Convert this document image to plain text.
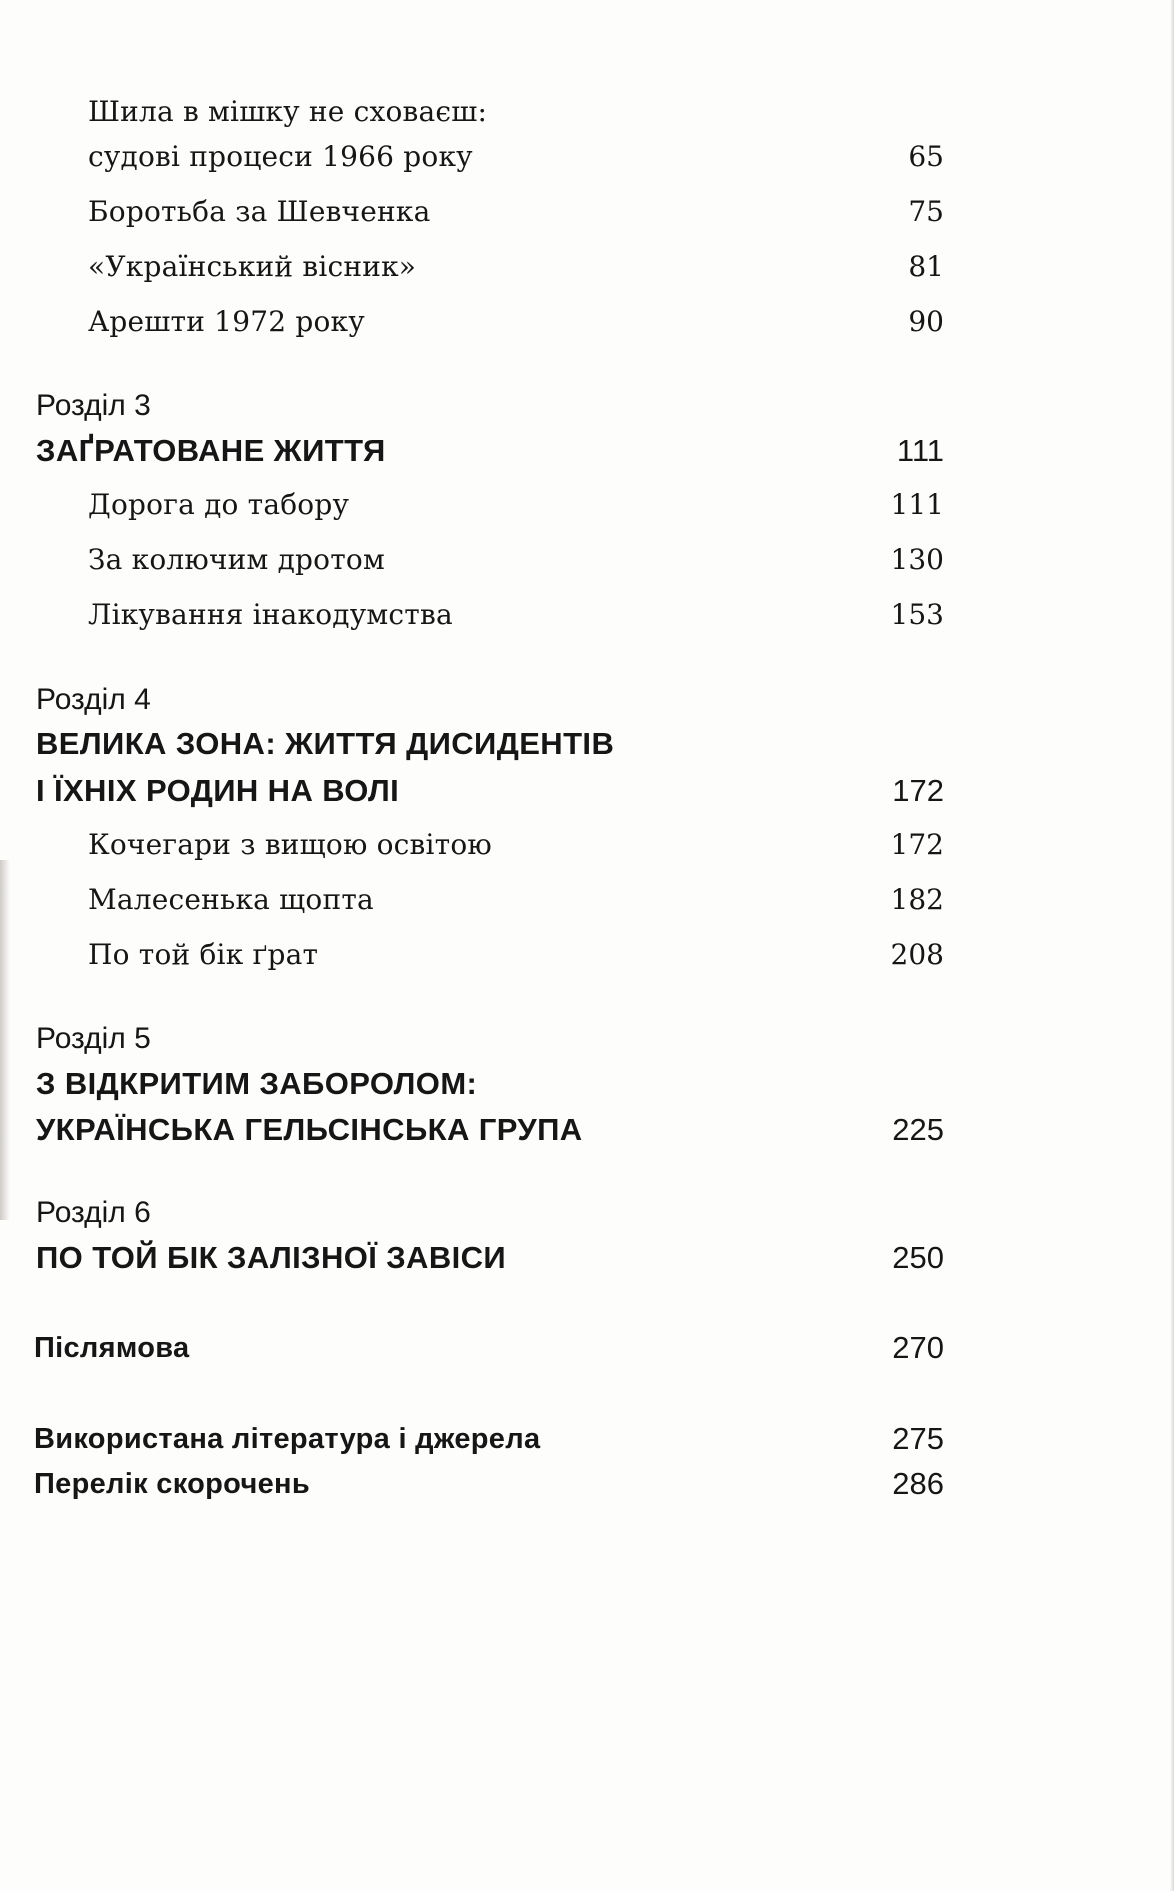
Шила в мішку не сховаєш:
судові процеси 1966 року	65
Боротьба за Шевченка	75
«Український вісник»	81
Арешти 1972 року	90
Розділ 3
ЗАҐРАТОВАНЕ ЖИТТЯ	111
Дорога до табору	111
За колючим дротом	130
Лікування інакодумства	153
Розділ 4
ВЕЛИКА ЗОНА: ЖИТТЯ ДИСИДЕНТІВ
І ЇХНІХ РОДИН НА ВОЛІ	172
Кочегари з вищою освітою	172
Малесенька щопта	182
По той бік ґрат	208
Розділ 5
З ВІДКРИТИМ ЗАБОРОЛОМ:
УКРАЇНСЬКА ГЕЛЬСІНСЬКА ГРУПА	225
Розділ 6
ПО ТОЙ БІК ЗАЛІЗНОЇ ЗАВІСИ	250
Післямова	270
Використана література і джерела	275
Перелік скорочень	286
